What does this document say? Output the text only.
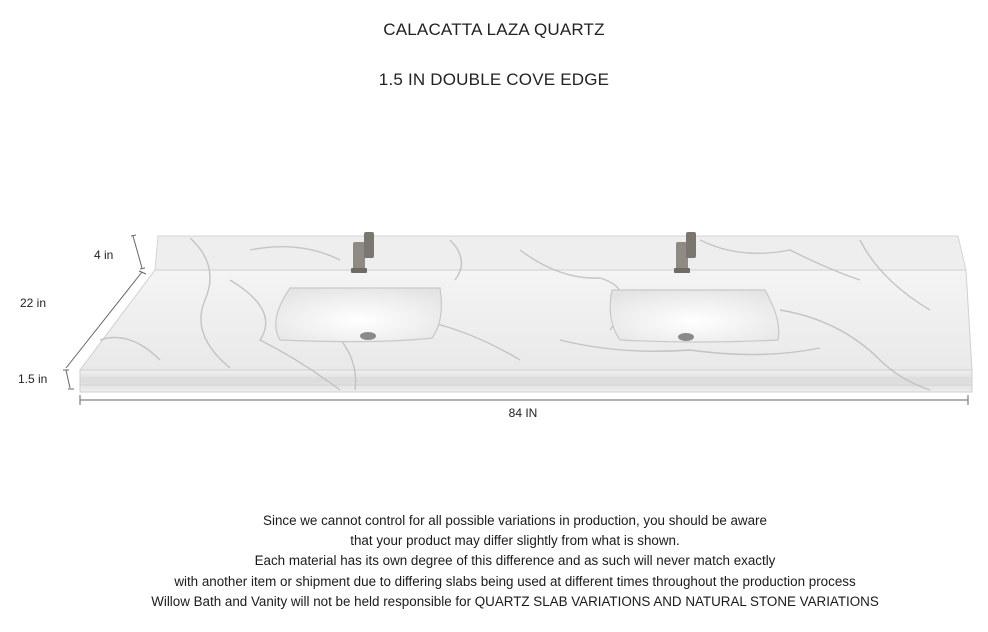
CALACATTA LAZA QUARTZ
1.5 IN DOUBLE COVE EDGE
4 in
22 in
1.5 in
84 IN
Since we cannot control for all possible variations in production, you should be aware
that your product may differ slightly from what is shown.
Each material has its own degree of this difference and as such will never match exactly
with another item or shipment due to differing slabs being used at different times throughout the production process
Willow Bath and Vanity will not be held responsible for QUARTZ SLAB VARIATIONS AND NATURAL STONE VARIATIONS
